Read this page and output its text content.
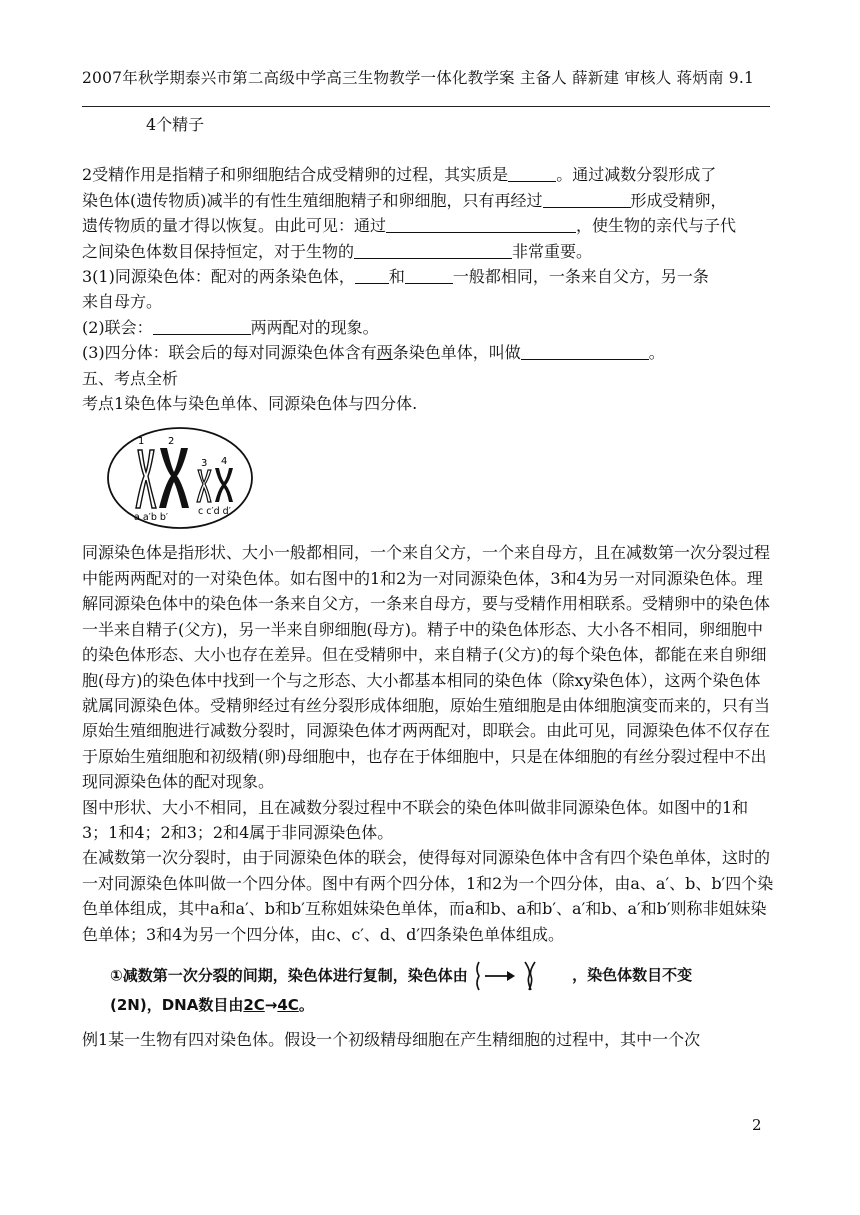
2007年秋学期泰兴市第二高级中学高三生物教学一体化教学案 主备人 薛新建 审核人 蒋炳南 9.1

4个精子

2受精作用是指精子和卵细胞结合成受精卵的过程，其实质是	。通过减数分裂形成了

染色体(遗传物质)减半的有性生殖细胞精子和卵细胞，只有再经过	形成受精卵，

遗传物质的量才得以恢复。由此可见：通过	，使生物的亲代与子代

之间染色体数目保持恒定，对于生物的	非常重要。

3(1)同源染色体：配对的两条染色体， 和	一般都相同，一条来自父方，另一条

来自母方。

(2)联会：	两两配对的现象。

(3)四分体：联会后的每对同源染色体含有两条染色单体，叫做	。

五、考点全析

考点1染色体与染色单体、同源染色体与四分体.

1 2
3 4
a a′b b′
c c′d d′

同源染色体是指形状、大小一般都相同，一个来自父方，一个来自母方，且在减数第一次分裂过程中能两两配对的一对染色体。如右图中的1和2为一对同源染色体，3和4为另一对同源染色体。理解同源染色体中的染色体一条来自父方，一条来自母方，要与受精作用相联系。受精卵中的染色体一半来自精子(父方)，另一半来自卵细胞(母方)。精子中的染色体形态、大小各不相同，卵细胞中的染色体形态、大小也存在差异。但在受精卵中，来自精子(父方)的每个染色体，都能在来自卵细胞(母方)的染色体中找到一个与之形态、大小都基本相同的染色体（除xy染色体），这两个染色体就属同源染色体。受精卵经过有丝分裂形成体细胞，原始生殖细胞是由体细胞演变而来的，只有当原始生殖细胞进行减数分裂时，同源染色体才两两配对，即联会。由此可见，同源染色体不仅存在于原始生殖细胞和初级精(卵)母细胞中，也存在于体细胞中，只是在体细胞的有丝分裂过程中不出现同源染色体的配对现象。

图中形状、大小不相同，且在减数分裂过程中不联会的染色体叫做非同源染色体。如图中的1和3；1和4；2和3；2和4属于非同源染色体。

在减数第一次分裂时，由于同源染色体的联会，使得每对同源染色体中含有四个染色单体，这时的一对同源染色体叫做一个四分体。图中有两个四分体，1和2为一个四分体，由a、a′、b、b′四个染色单体组成，其中a和a′、b和b′互称姐妹染色单体，而a和b、a和b′、a′和b、a′和b′则称非姐妹染色单体；3和4为另一个四分体，由c、c′、d、d′四条染色单体组成。

①减数第一次分裂的间期，染色体进行复制，染色体由	，染色体数目不变
(2N)，DNA数目由2C→4C。

例1某一生物有四对染色体。假设一个初级精母细胞在产生精细胞的过程中，其中一个次

2
